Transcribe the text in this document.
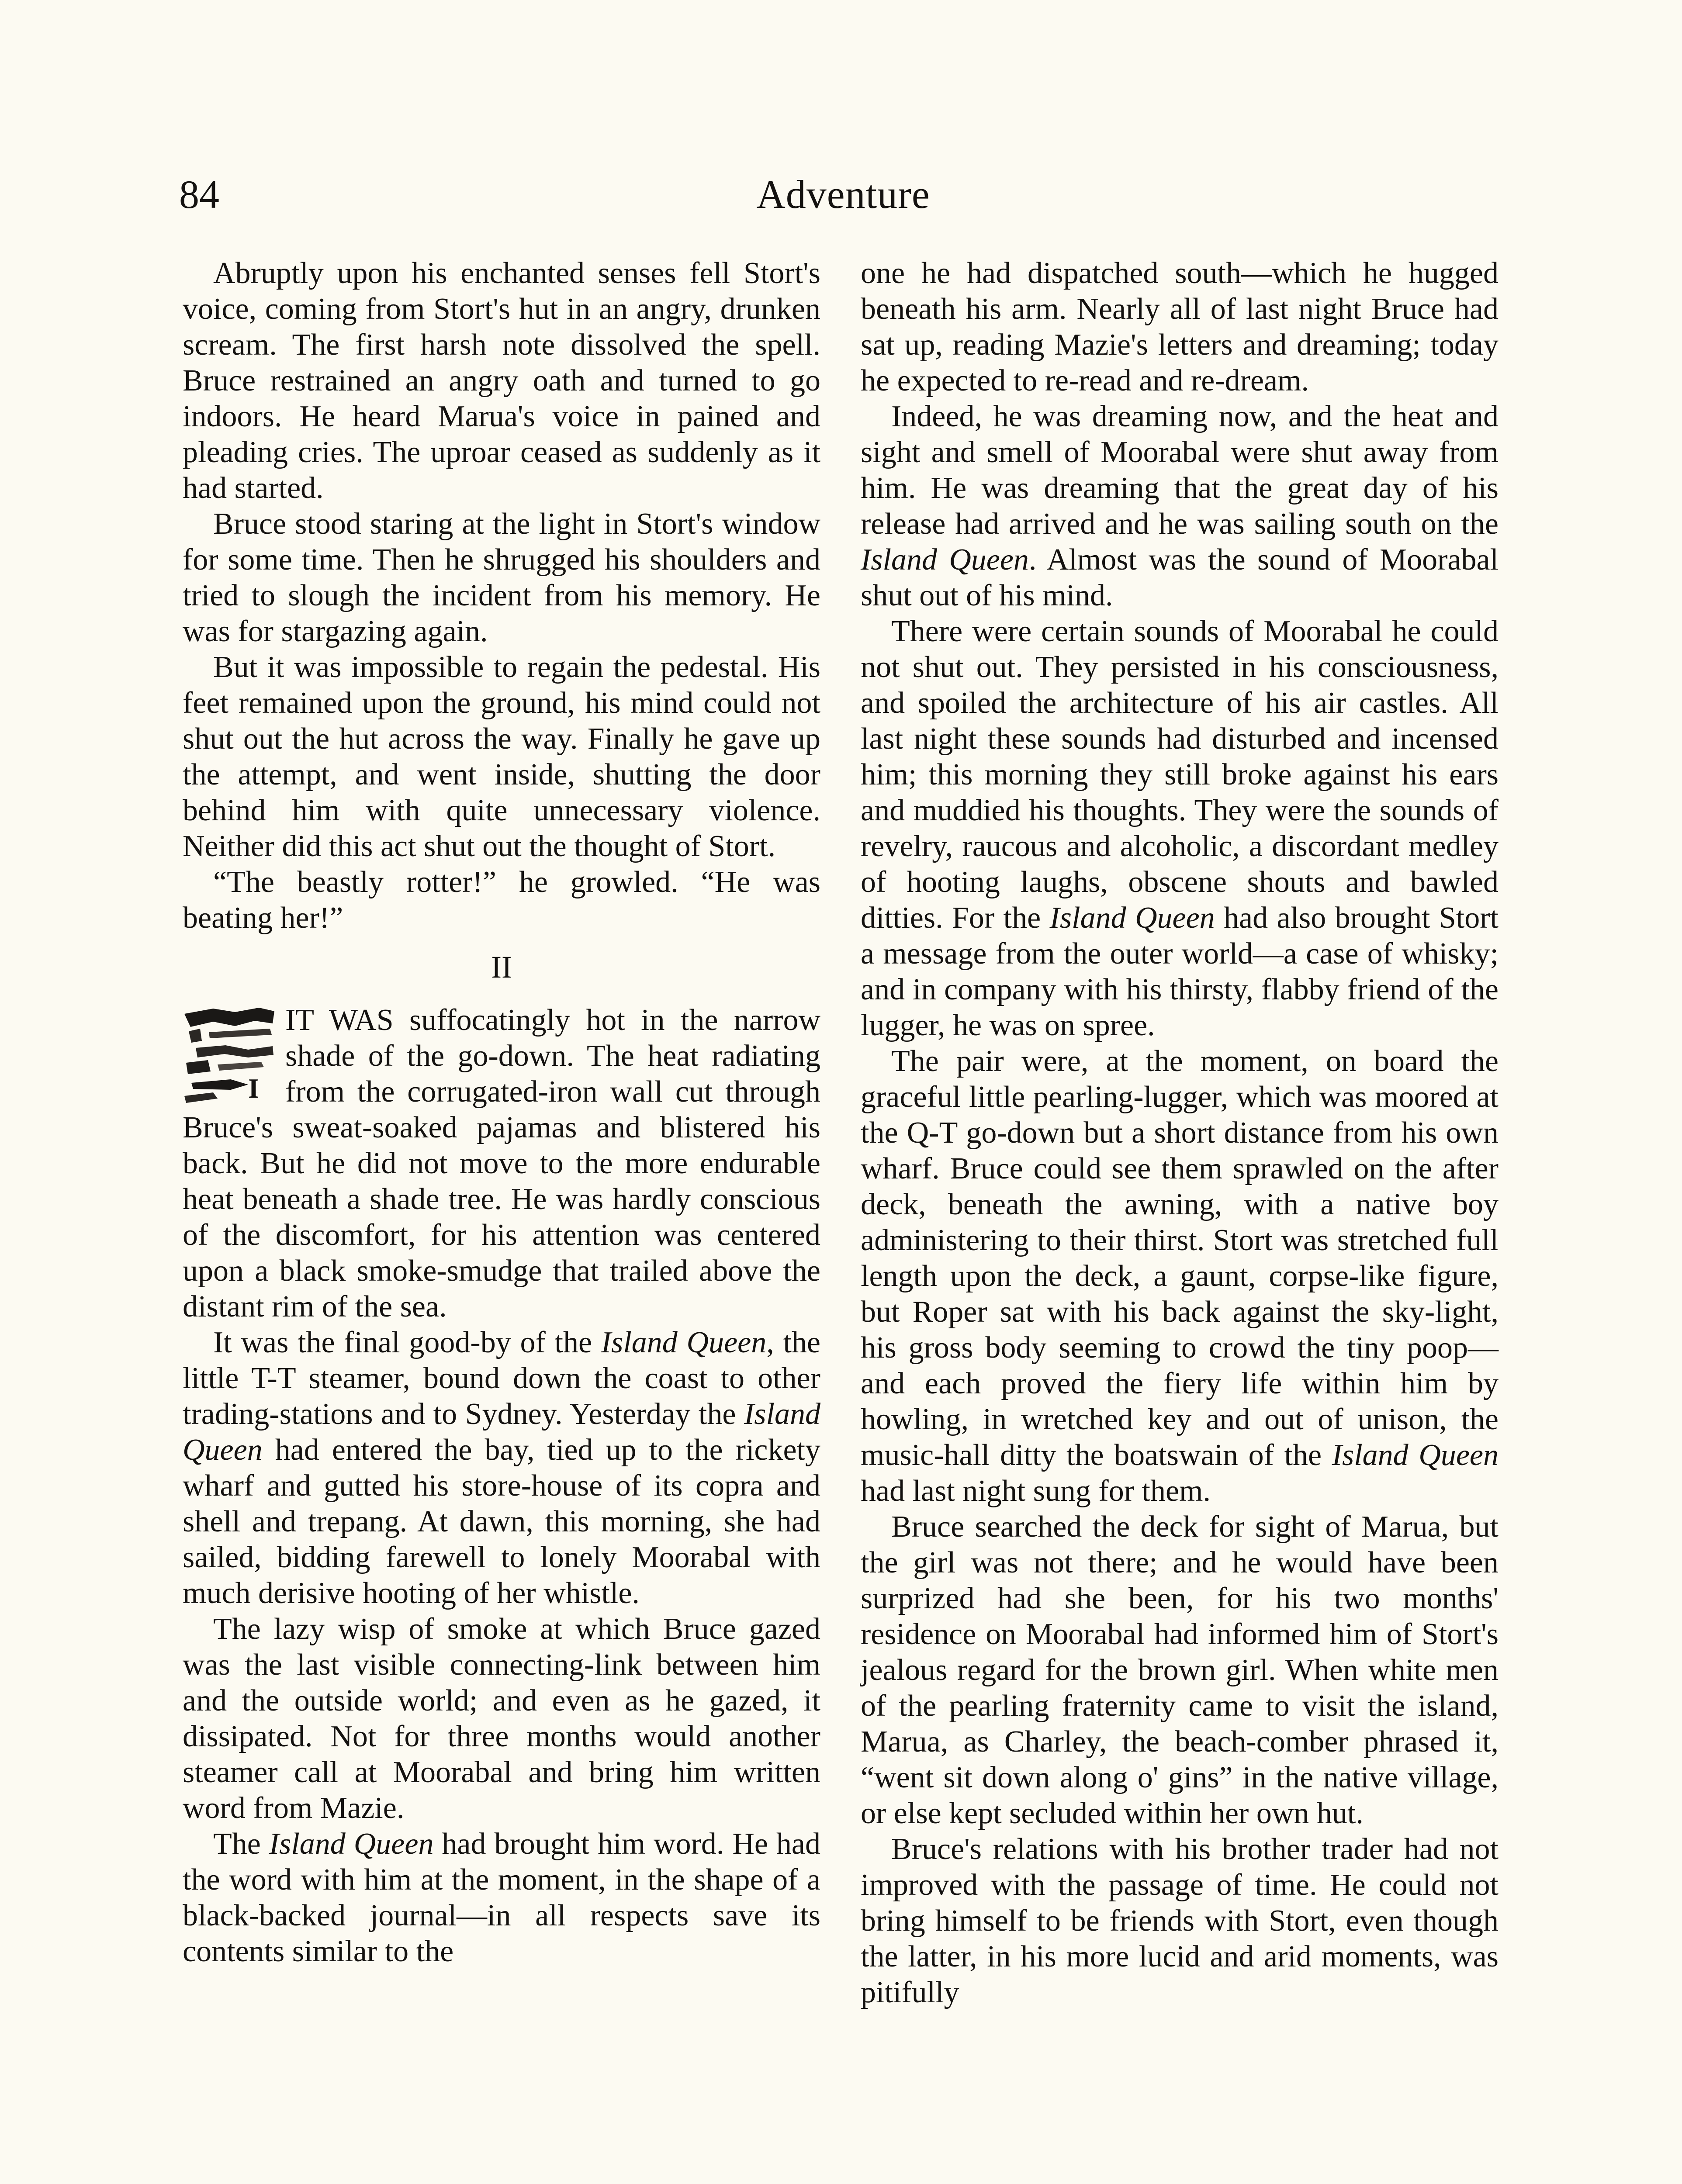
84	Adventure

Abruptly upon his enchanted senses fell Stort's voice, coming from Stort's hut in an angry, drunken scream. The first harsh note dissolved the spell. Bruce restrained an angry oath and turned to go indoors. He heard Marua's voice in pained and pleading cries. The uproar ceased as suddenly as it had started.

Bruce stood staring at the light in Stort's window for some time. Then he shrugged his shoulders and tried to slough the incident from his memory. He was for stargazing again.

But it was impossible to regain the pedestal. His feet remained upon the ground, his mind could not shut out the hut across the way. Finally he gave up the attempt, and went inside, shutting the door behind him with quite unnecessary violence. Neither did this act shut out the thought of Stort.

“The beastly rotter!” he growled. “He was beating her!”

II
I

IT WAS suffocatingly hot in the narrow shade of the go-down. The heat radiating from the corrugated-iron wall cut through Bruce's sweat-soaked pajamas and blistered his back. But he did not move to the more endurable heat beneath a shade tree. He was hardly conscious of the discomfort, for his attention was centered upon a black smoke-smudge that trailed above the distant rim of the sea.

It was the final good-by of the Island Queen, the little T-T steamer, bound down the coast to other trading-stations and to Sydney. Yesterday the Island Queen had entered the bay, tied up to the rickety wharf and gutted his store-house of its copra and shell and trepang. At dawn, this morning, she had sailed, bidding farewell to lonely Moorabal with much derisive hooting of her whistle.

The lazy wisp of smoke at which Bruce gazed was the last visible connecting-link between him and the outside world; and even as he gazed, it dissipated. Not for three months would another steamer call at Moorabal and bring him written word from Mazie.

The Island Queen had brought him word. He had the word with him at the moment, in the shape of a black-backed journal—in all respects save its contents similar to the

one he had dispatched south—which he hugged beneath his arm. Nearly all of last night Bruce had sat up, reading Mazie's letters and dreaming; today he expected to re-read and re-dream.

Indeed, he was dreaming now, and the heat and sight and smell of Moorabal were shut away from him. He was dreaming that the great day of his release had arrived and he was sailing south on the Island Queen. Almost was the sound of Moorabal shut out of his mind.

There were certain sounds of Moorabal he could not shut out. They persisted in his consciousness, and spoiled the architecture of his air castles. All last night these sounds had disturbed and incensed him; this morning they still broke against his ears and muddied his thoughts. They were the sounds of revelry, raucous and alcoholic, a discordant medley of hooting laughs, obscene shouts and bawled ditties. For the Island Queen had also brought Stort a message from the outer world—a case of whisky; and in company with his thirsty, flabby friend of the lugger, he was on spree.

The pair were, at the moment, on board the graceful little pearling-lugger, which was moored at the Q-T go-down but a short distance from his own wharf. Bruce could see them sprawled on the after deck, beneath the awning, with a native boy administering to their thirst. Stort was stretched full length upon the deck, a gaunt, corpse-like figure, but Roper sat with his back against the sky-light, his gross body seeming to crowd the tiny poop—and each proved the fiery life within him by howling, in wretched key and out of unison, the music-hall ditty the boatswain of the Island Queen had last night sung for them.

Bruce searched the deck for sight of Marua, but the girl was not there; and he would have been surprized had she been, for his two months' residence on Moorabal had informed him of Stort's jealous regard for the brown girl. When white men of the pearling fraternity came to visit the island, Marua, as Charley, the beach-comber phrased it, “went sit down along o' gins” in the native village, or else kept secluded within her own hut.

Bruce's relations with his brother trader had not improved with the passage of time. He could not bring himself to be friends with Stort, even though the latter, in his more lucid and arid moments, was pitifully
